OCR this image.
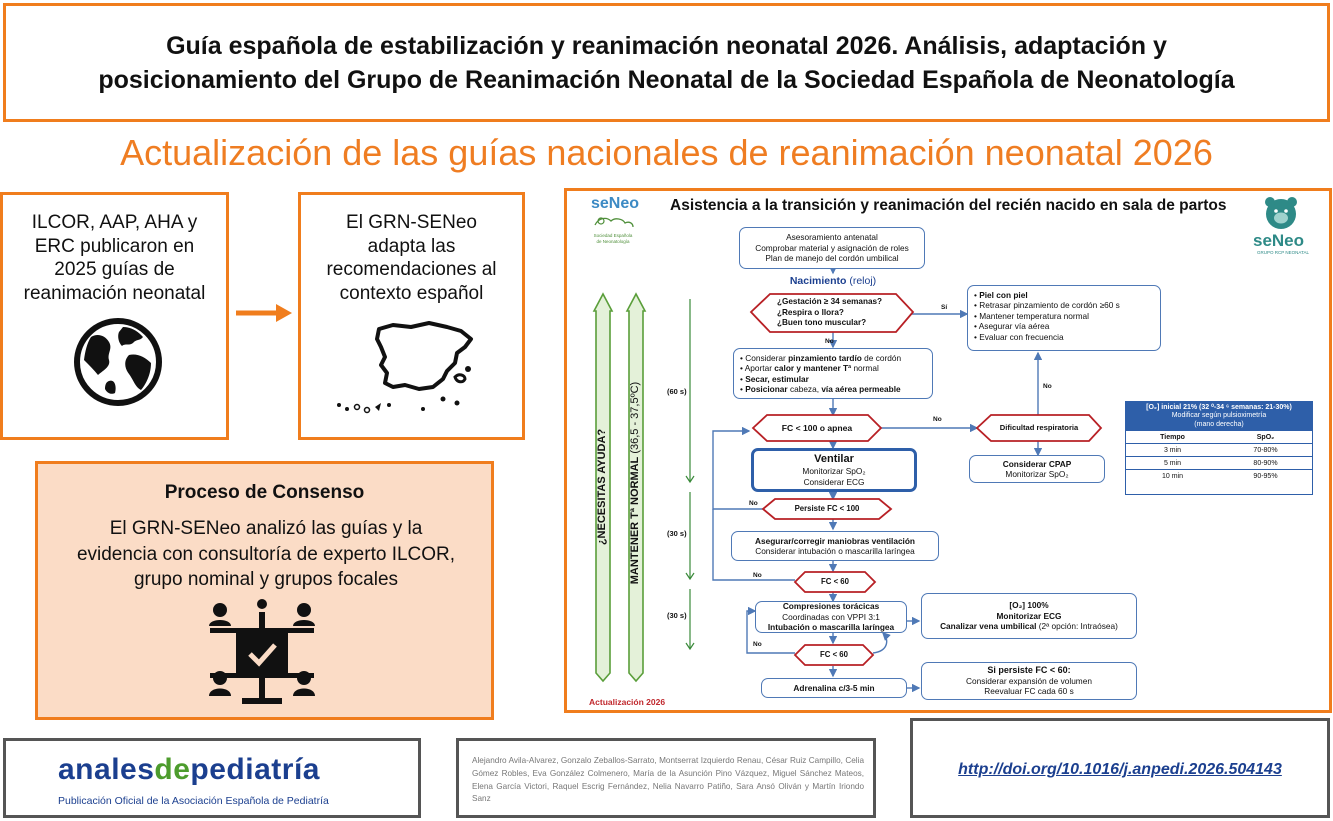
Guía española de estabilización y reanimación neonatal 2026. Análisis, adaptación y
posicionamiento del Grupo de Reanimación Neonatal de la Sociedad Española de Neonatología
Actualización de las guías nacionales de reanimación neonatal 2026
ILCOR, AAP, AHA y
ERC publicaron en
2025 guías de
reanimación neonatal
El GRN-SENeo
adapta las
recomendaciones al
contexto español
Proceso de Consenso
El GRN-SENeo analizó las guías y la
evidencia con consultoría de experto ILCOR,
grupo nominal y grupos focales
seNeo
Sociedad Española
de Neonatología
Asistencia a la transición y reanimación del recién nacido en sala de partos
seNeo
GRUPO RCP NEONATAL
¿NECESITAS AYUDA? MANTENER Tª NORMAL (36,5 - 37,5ºC)	(60 s)
(30 s)
(30 s)
Sí
No
No
No
No
No
No
Asesoramiento antenatal
Comprobar material y asignación de roles
Plan de manejo del cordón umbilical
Nacimiento (reloj)
¿Gestación ≥ 34 semanas?
¿Respira o llora?
¿Buen tono muscular?
• Piel con piel
• Retrasar pinzamiento de cordón ≥60 s
• Mantener temperatura normal
• Asegurar vía aérea
• Evaluar con frecuencia
• Considerar pinzamiento tardío de cordón
• Aportar calor y mantener Tª normal
• Secar, estimular
• Posicionar cabeza, vía aérea permeable
FC < 100 o apnea	Dificultad respiratoria
Persiste FC < 100
FC < 60
FC < 60
Considerar CPAP
Monitorizar SpO₂
Ventilar
Monitorizar SpO₂
Considerar ECG
Asegurar/corregir maniobras ventilación
Considerar intubación o mascarilla laríngea
Compresiones torácicas
Coordinadas con VPPI 3:1
Intubación o mascarilla laríngea
[O₂] 100%
Monitorizar ECG
Canalizar vena umbilical (2ª opción: Intraósea)
Adrenalina c/3-5 min
Si persiste FC < 60:
Considerar expansión de volumen
Reevaluar FC cada 60 s
[O₂] inicial 21% (32 ⁰-34 ⁶ semanas: 21-30%)
Modificar según pulsioximetría
(mano derecha)
Tiempo	SpO₂
3 min	70-80%
5 min	80-90%
10 min	90-95%
Actualización 2026
analesdepediatría
Publicación Oficial de la Asociación Española de Pediatría
Alejandro Avila-Alvarez, Gonzalo Zeballos-Sarrato, Montserrat Izquierdo Renau, César Ruiz Campillo, Celia Gómez Robles, Eva González Colmenero, María de la Asunción Pino Vázquez, Miguel Sánchez Mateos, Elena García Victori, Raquel Escrig Fernández, Nelia Navarro Patiño, Sara Ansó Oliván y Martín Iriondo Sanz
http://doi.org/10.1016/j.anpedi.2026.504143
